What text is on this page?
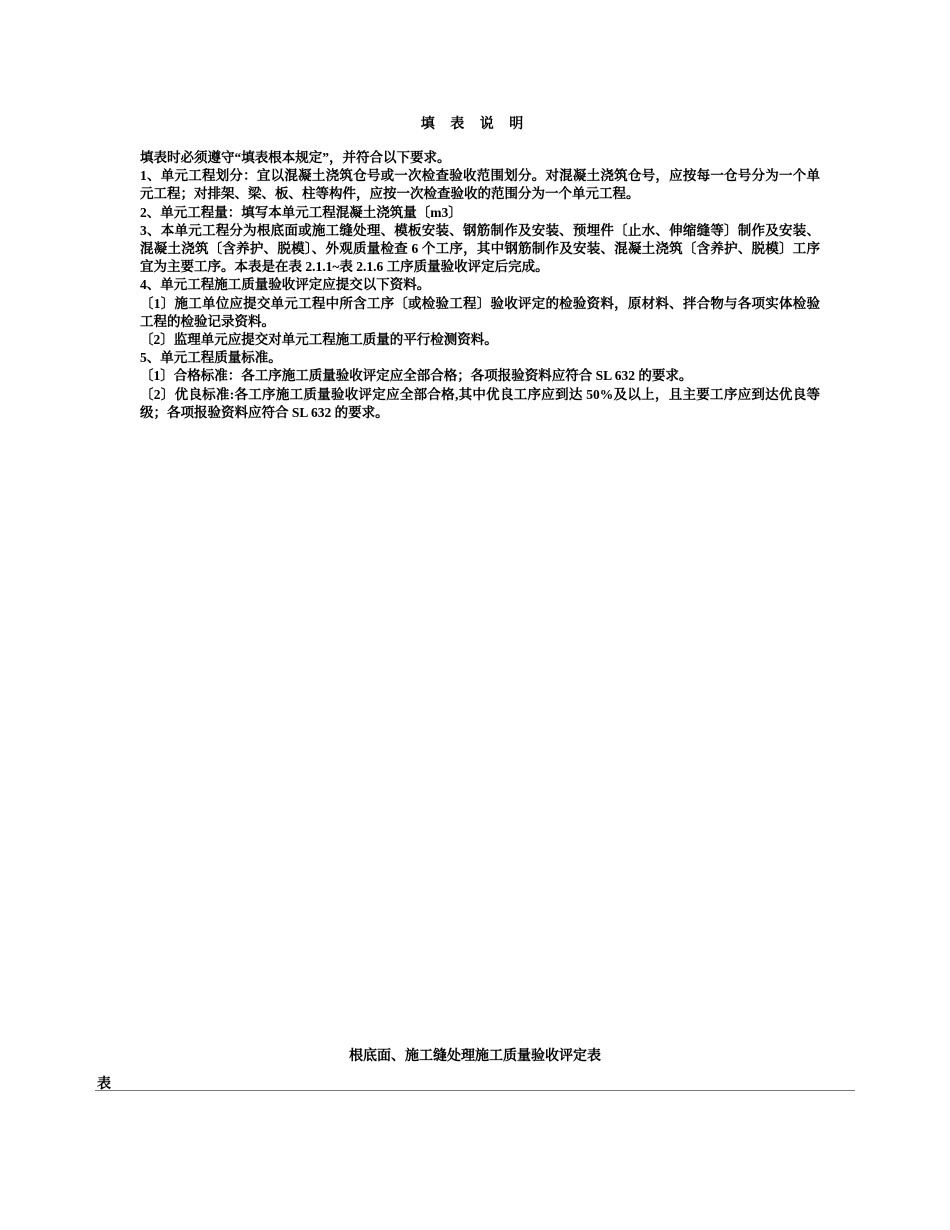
填 表 说 明

填表时必须遵守“填表根本规定”，并符合以下要求。

1、单元工程划分：宜以混凝土浇筑仓号或一次检查验收范围划分。对混凝土浇筑仓号，应按每一仓号分为一个单元工程；对排架、梁、板、柱等构件，应按一次检查验收的范围分为一个单元工程。

2、单元工程量：填写本单元工程混凝土浇筑量〔m3〕

3、本单元工程分为根底面或施工缝处理、模板安装、钢筋制作及安装、预埋件〔止水、伸缩缝等〕制作及安装、混凝土浇筑〔含养护、脱模〕、外观质量检查 6 个工序，其中钢筋制作及安装、混凝土浇筑〔含养护、脱模〕工序宜为主要工序。本表是在表 2.1.1~表 2.1.6 工序质量验收评定后完成。

4、单元工程施工质量验收评定应提交以下资料。

〔1〕施工单位应提交单元工程中所含工序〔或检验工程〕验收评定的检验资料，原材料、拌合物与各项实体检验工程的检验记录资料。

〔2〕监理单元应提交对单元工程施工质量的平行检测资料。

5、单元工程质量标准。

〔1〕合格标准：各工序施工质量验收评定应全部合格；各项报验资料应符合 SL 632 的要求。

〔2〕优良标准:各工序施工质量验收评定应全部合格,其中优良工序应到达 50%及以上，且主要工序应到达优良等级；各项报验资料应符合 SL 632 的要求。

根底面、施工缝处理施工质量验收评定表
表
